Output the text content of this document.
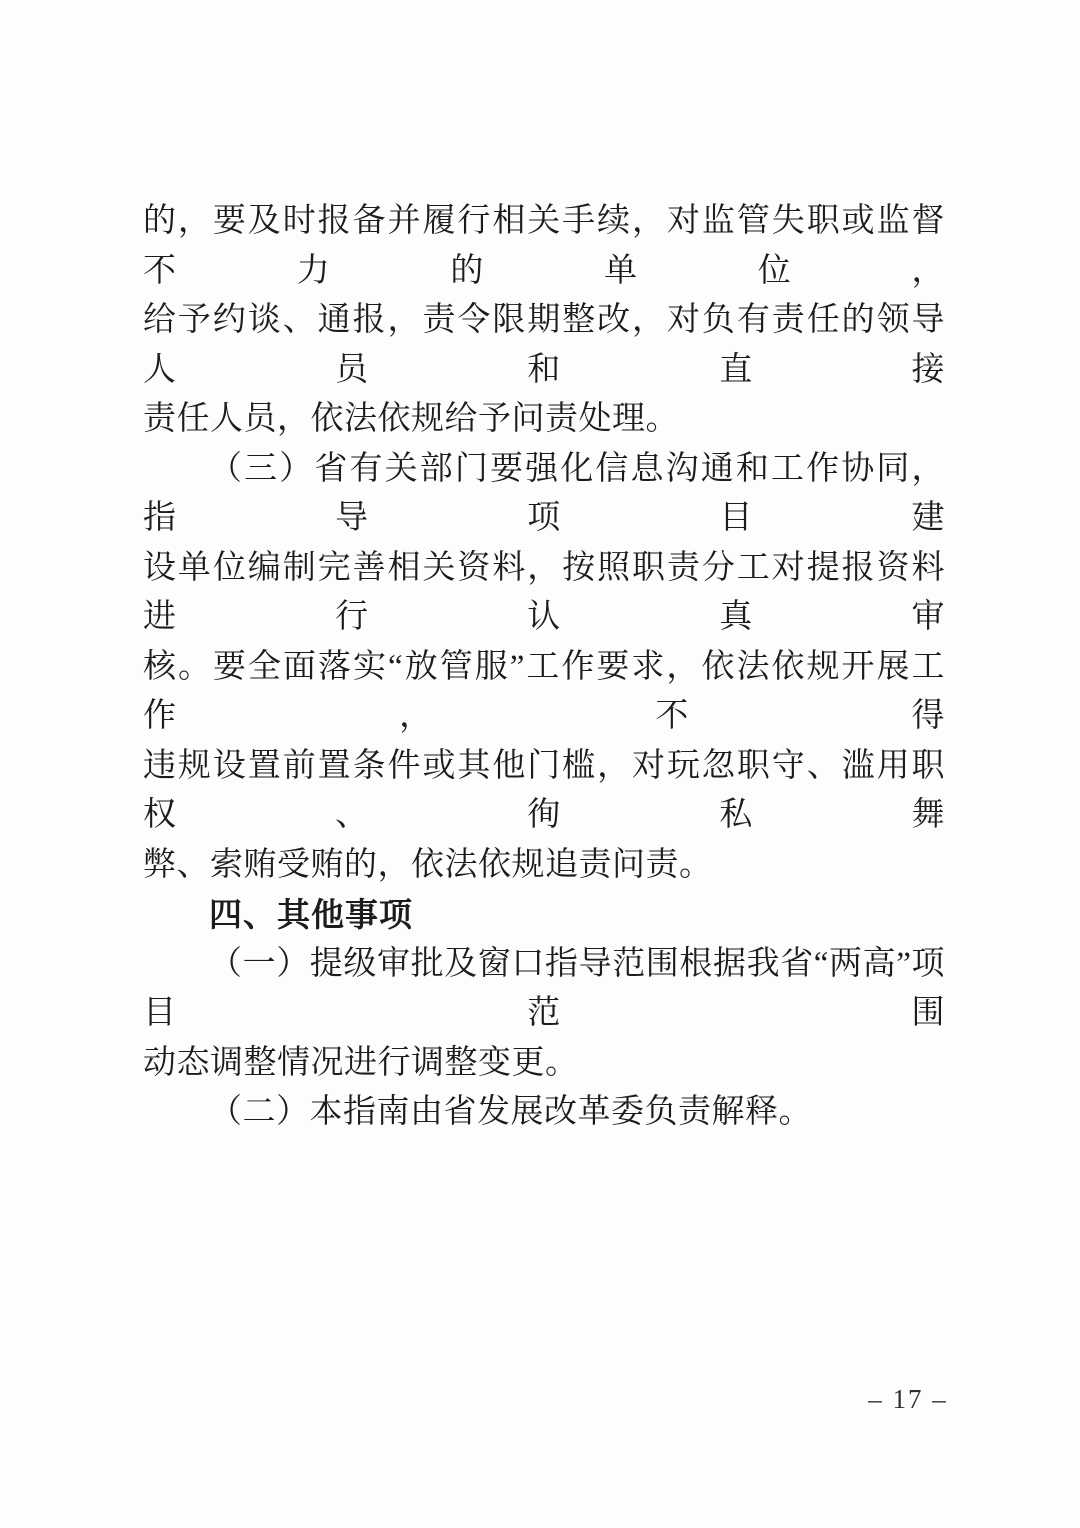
的，要及时报备并履行相关手续，对监管失职或监督不力的单位，
给予约谈、通报，责令限期整改，对负有责任的领导人员和直接
责任人员，依法依规给予问责处理。
（三）省有关部门要强化信息沟通和工作协同，指导项目建
设单位编制完善相关资料，按照职责分工对提报资料进行认真审
核。要全面落实“放管服”工作要求，依法依规开展工作，不得
违规设置前置条件或其他门槛，对玩忽职守、滥用职权、徇私舞
弊、索贿受贿的，依法依规追责问责。
四、其他事项
（一）提级审批及窗口指导范围根据我省“两高”项目范围
动态调整情况进行调整变更。
（二）本指南由省发展改革委负责解释。
– 17 –
